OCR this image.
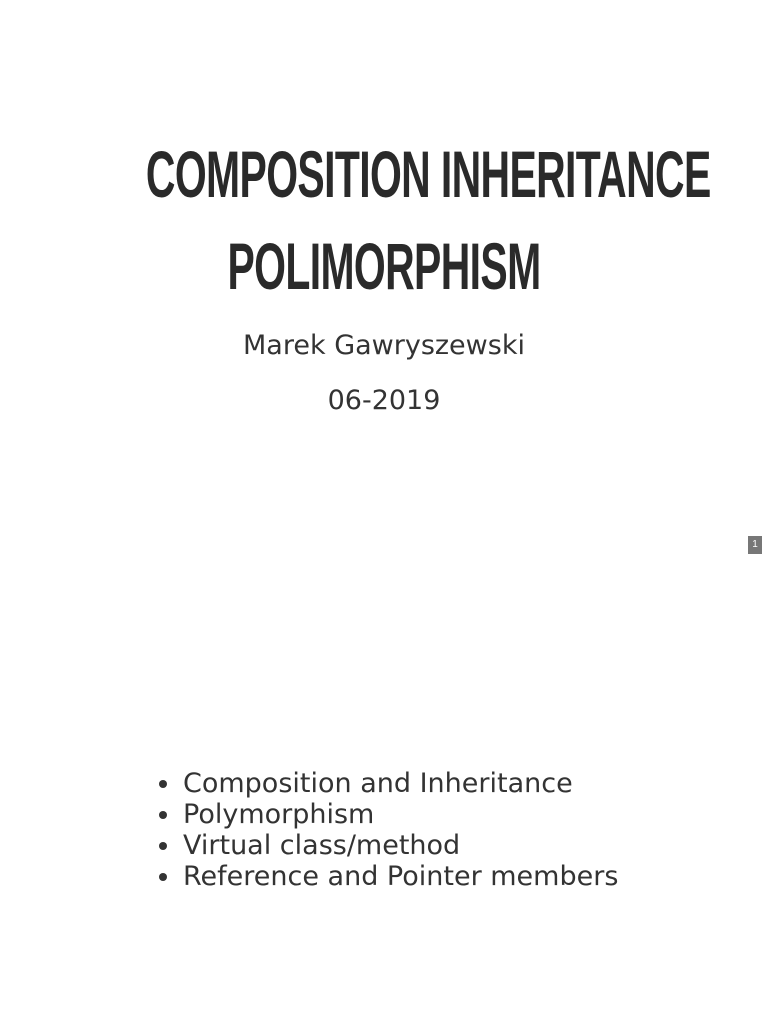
COMPOSITION INHERITANCE
POLIMORPHISM
Marek Gawryszewski
06-2019
1
Composition and Inheritance
Polymorphism
Virtual class/method
Reference and Pointer members
